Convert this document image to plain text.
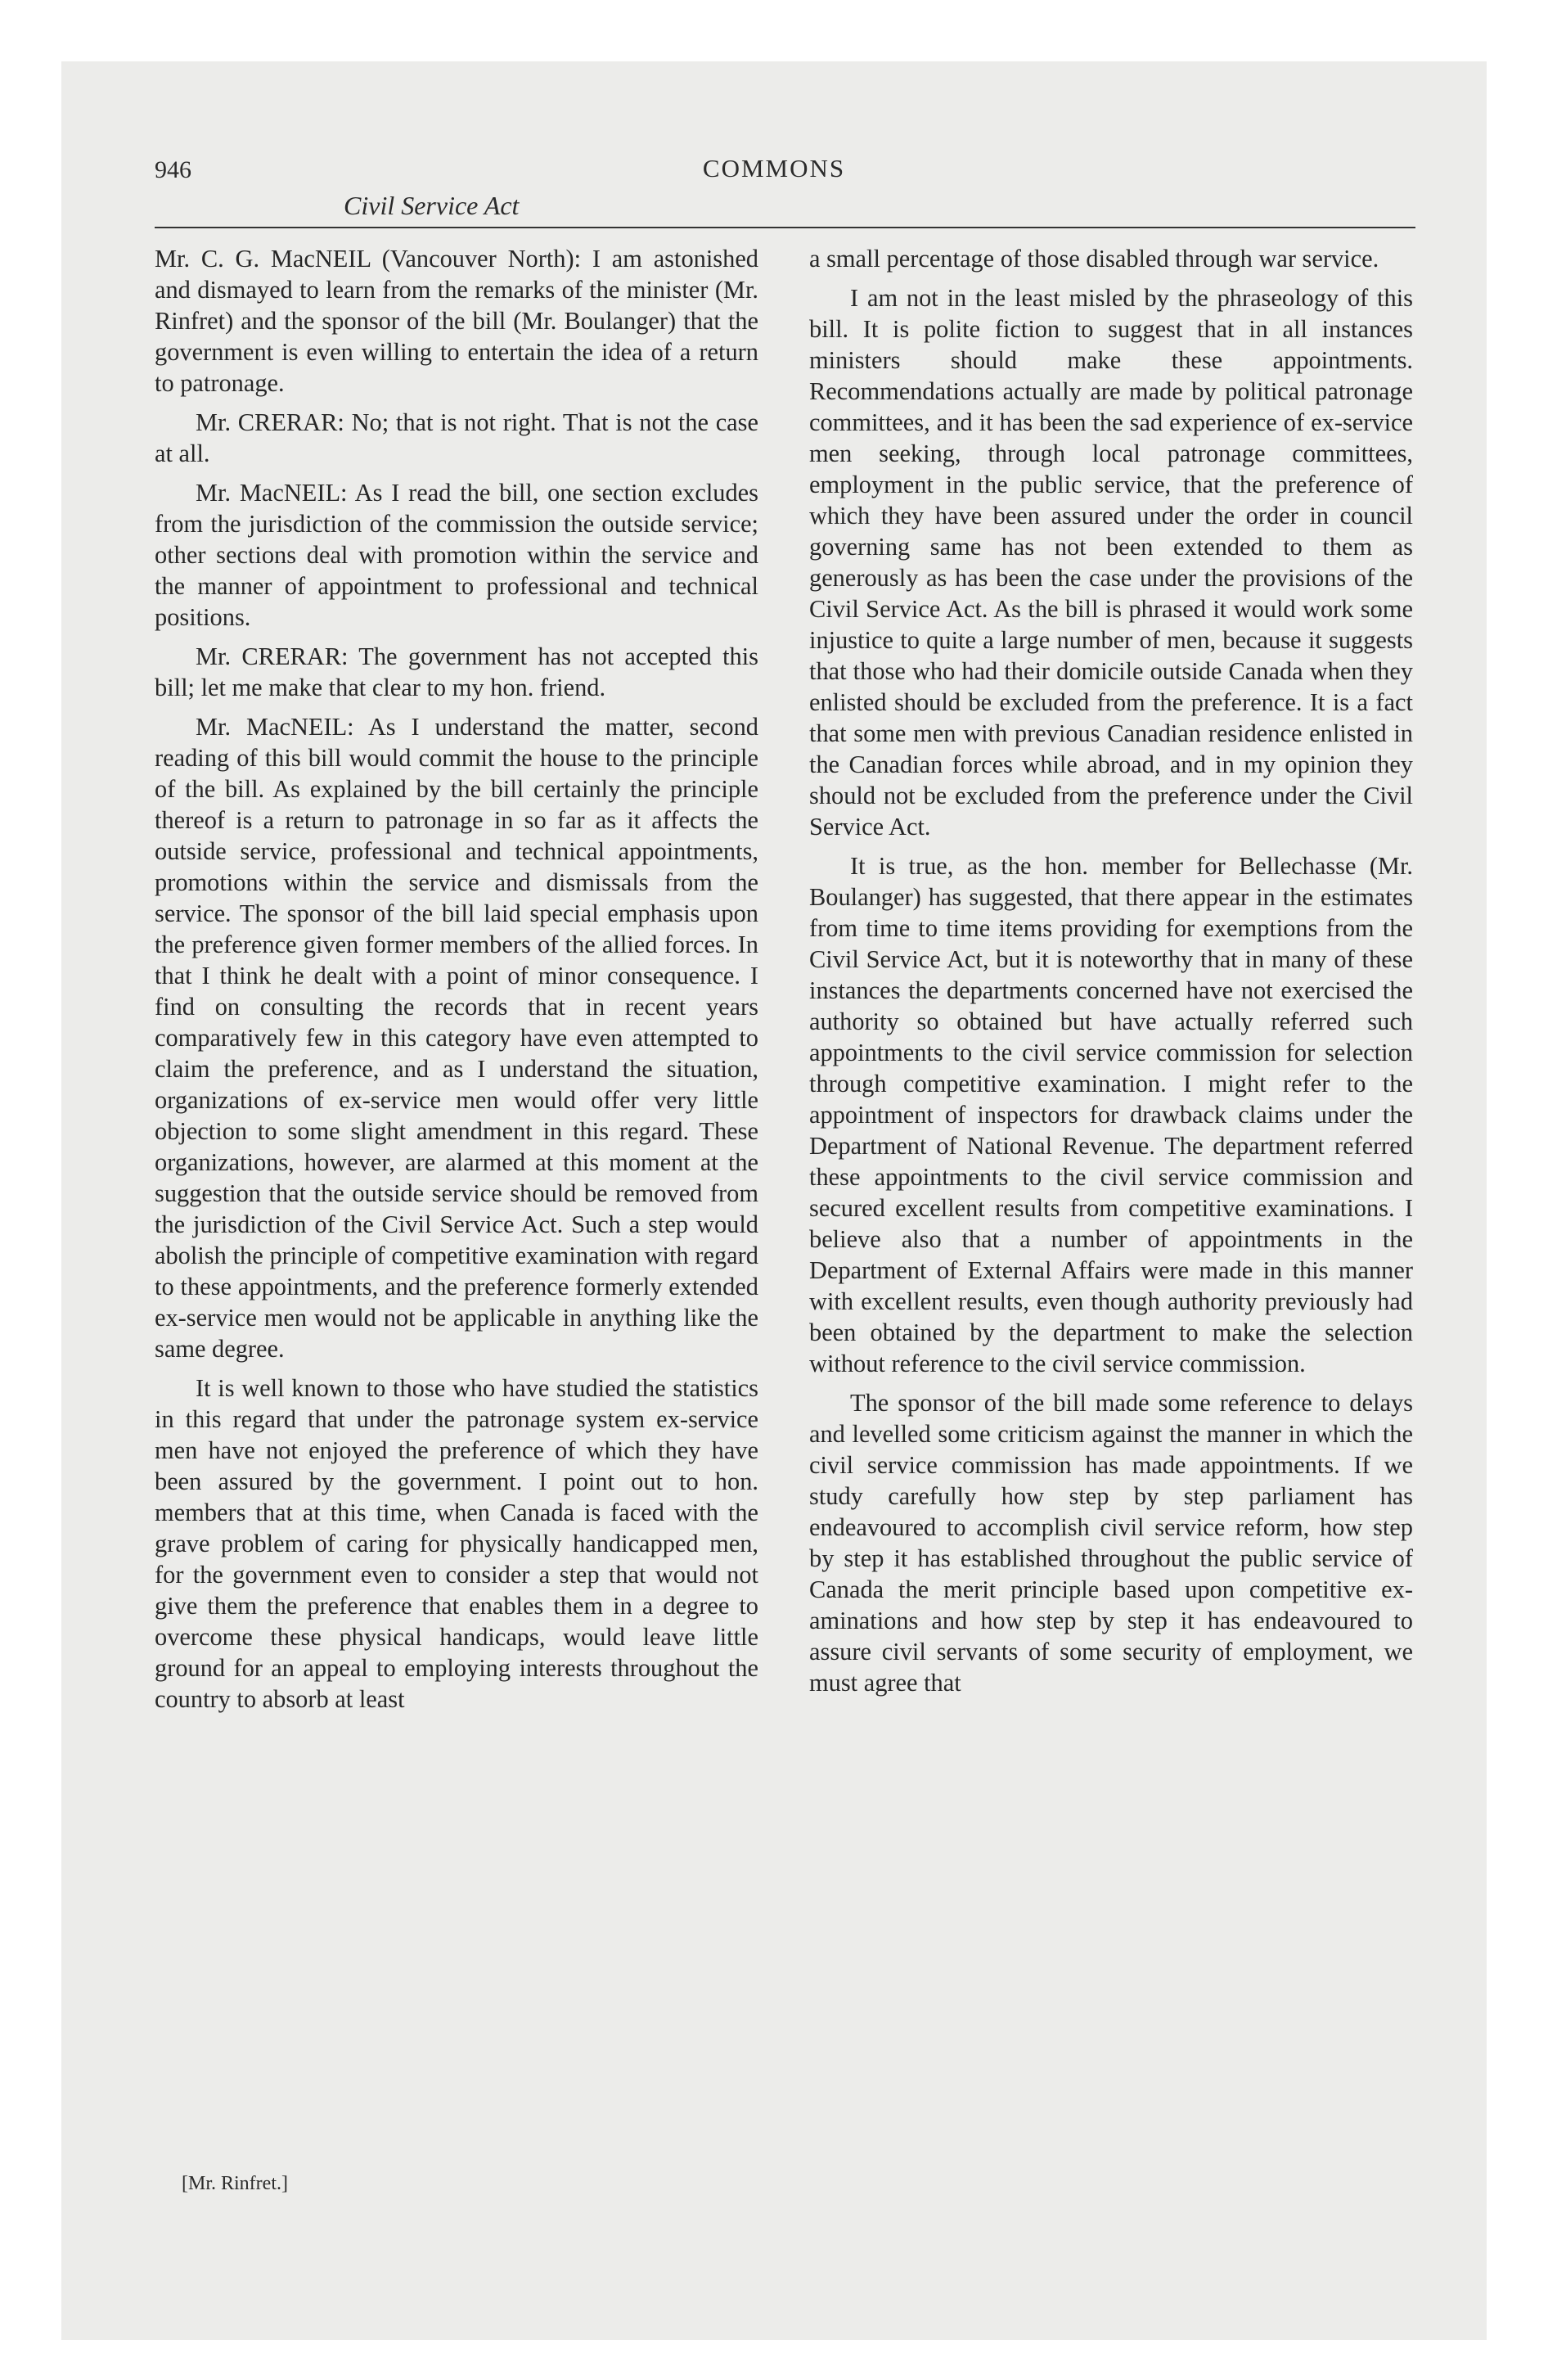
946	COMMONS
Civil Service Act

Mr. C. G. MacNEIL (Vancouver North): I am astonished and dismayed to learn from the remarks of the minister (Mr. Rinfret) and the sponsor of the bill (Mr. Boulanger) that the government is even willing to entertain the idea of a return to patronage.

Mr. CRERAR: No; that is not right. That is not the case at all.

Mr. MacNEIL: As I read the bill, one section excludes from the jurisdiction of the commission the outside service; other sections deal with promotion within the service and the manner of appointment to professional and technical positions.

Mr. CRERAR: The government has not accepted this bill; let me make that clear to my hon. friend.

Mr. MacNEIL: As I understand the matter, second reading of this bill would commit the house to the principle of the bill. As explained by the bill certainly the principle thereof is a return to patronage in so far as it affects the outside service, professional and technical appointments, promotions within the service and dismissals from the service. The sponsor of the bill laid special emphasis upon the preference given former members of the allied forces. In that I think he dealt with a point of minor consequence. I find on consulting the records that in recent years comparatively few in this category have even attempted to claim the preference, and as I understand the situation, organizations of ex-service men would offer very little objection to some slight amendment in this regard. These organizations, however, are alarmed at this moment at the suggestion that the outside service should be removed from the jurisdiction of the Civil Service Act. Such a step would abolish the principle of competitive examination with regard to these appointments, and the preference formerly extended ex-service men would not be applicable in anything like the same degree.

It is well known to those who have studied the statistics in this regard that under the patronage system ex-service men have not enjoyed the preference of which they have been assured by the government. I point out to hon. members that at this time, when Canada is faced with the grave problem of caring for physically handicapped men, for the government even to consider a step that would not give them the preference that enables them in a degree to overcome these physical handicaps, would leave little ground for an appeal to employing interests throughout the country to absorb at least

a small percentage of those disabled through war service.

I am not in the least misled by the phraseology of this bill. It is polite fiction to suggest that in all instances ministers should make these appointments. Recommendations actually are made by political patronage committees, and it has been the sad experience of ex-service men seeking, through local patronage committees, employment in the public service, that the preference of which they have been assured under the order in council governing same has not been extended to them as generously as has been the case under the provisions of the Civil Service Act. As the bill is phrased it would work some injustice to quite a large number of men, because it suggests that those who had their domicile outside Canada when they enlisted should be excluded from the preference. It is a fact that some men with previous Canadian residence enlisted in the Canadian forces while abroad, and in my opinion they should not be excluded from the preference under the Civil Service Act.

It is true, as the hon. member for Bellechasse (Mr. Boulanger) has suggested, that there appear in the estimates from time to time items providing for exemptions from the Civil Service Act, but it is noteworthy that in many of these instances the departments concerned have not exercised the authority so obtained but have actually referred such appointments to the civil service commission for selection through competitive examination. I might refer to the appointment of inspectors for drawback claims under the Department of National Revenue. The department referred these appointments to the civil service commission and secured excellent results from competitive examinations. I believe also that a number of appointments in the Department of External Affairs were made in this manner with excellent results, even though authority previously had been obtained by the department to make the selection without reference to the civil service commission.

The sponsor of the bill made some reference to delays and levelled some criticism against the manner in which the civil service commission has made appointments. If we study carefully how step by step parliament has endeavoured to accomplish civil service reform, how step by step it has established throughout the public service of Canada the merit principle based upon competitive examinations and how step by step it has endeavoured to assure civil servants of some security of employment, we must agree that

[Mr. Rinfret.]
